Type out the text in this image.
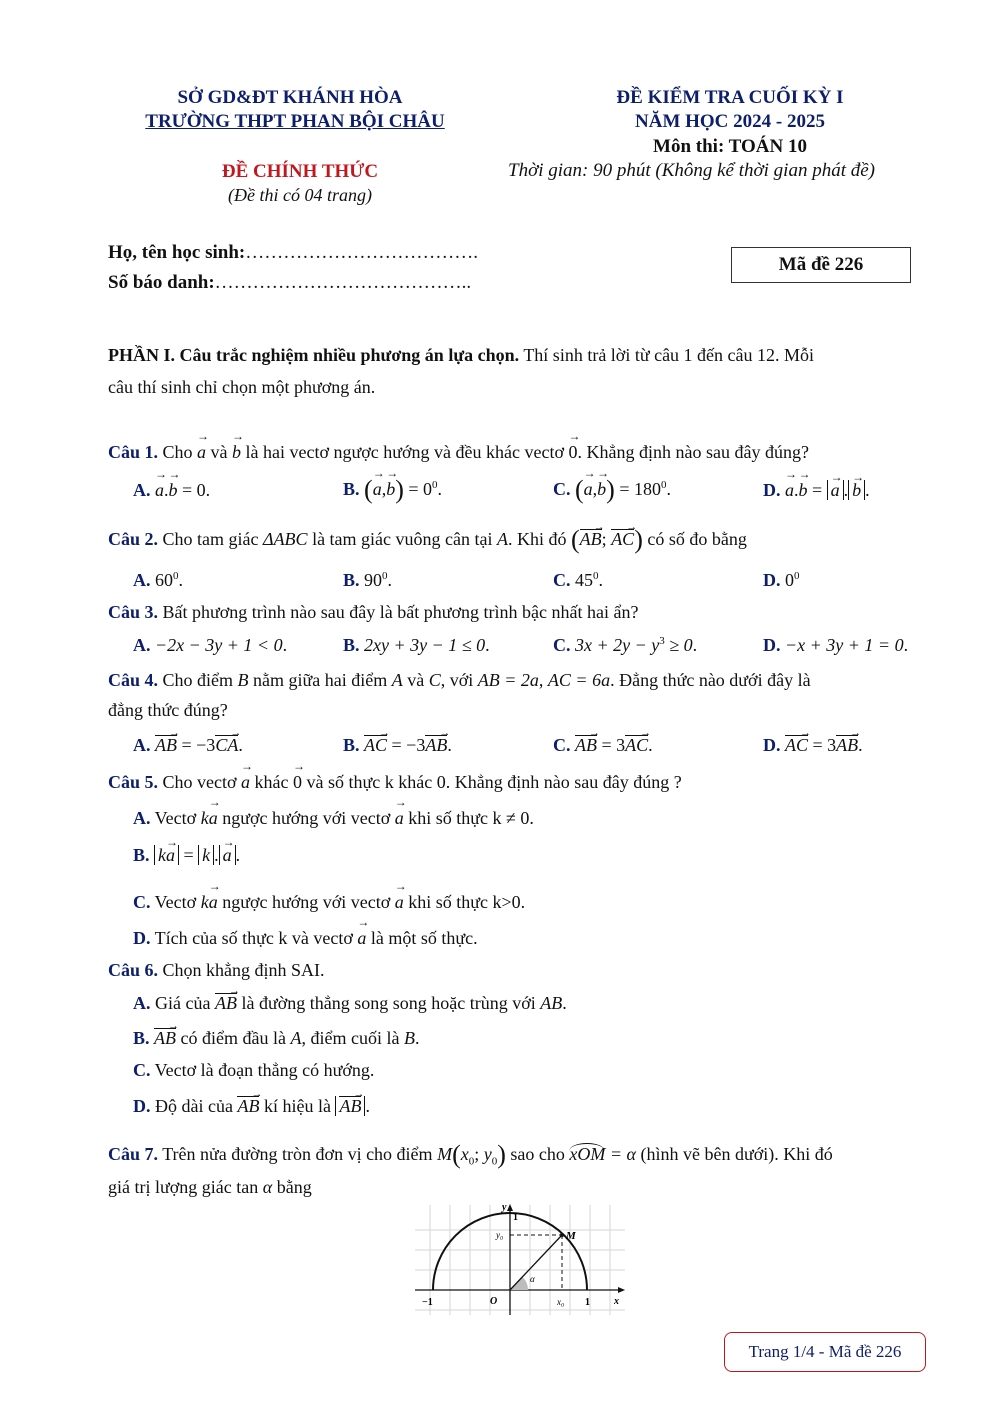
SỞ GD&ĐT KHÁNH HÒA
TRƯỜNG THPT PHAN BỘI CHÂU
ĐỀ CHÍNH THỨC
(Đề thi có 04 trang)
ĐỀ KIỂM TRA CUỐI KỲ I
NĂM HỌC 2024 - 2025
Môn thi: TOÁN 10
Thời gian: 90 phút (Không kể thời gian phát đề)
Họ, tên học sinh:……………………………….
Số báo danh:…………………………………..
Mã đề 226
PHẦN I. Câu trắc nghiệm nhiều phương án lựa chọn. Thí sinh trả lời từ câu 1 đến câu 12. Mỗi
câu thí sinh chỉ chọn một phương án.
Câu 1. Cho → a và → b là hai vectơ ngược hướng và đều khác vectơ → 0. Khẳng định nào sau đây đúng?
A. → a.→ b = 0.	B. (→ $a,\to b) = 0^0$.	C. (→ $a,\to b) = 180^0$.	D. → a.→ b = → a . → b .
Câu 2. Cho tam giác ΔABC là tam giác vuông cân tại A. Khi đó (AB →; AC →) có số đo bằng
A. $60^0$.	B. $90^0$.	C. $45^0$.	D. $0^0$
Câu 3. Bất phương trình nào sau đây là bất phương trình bậc nhất hai ẩn?
A. −2x − 3y + 1 < 0.	B. 2xy + 3y − 1 ≤ 0.	C. $3x + 2y - y^3 \ge 0$.	D. −x + 3y + 1 = 0.
Câu 4. Cho điểm B nằm giữa hai điểm A và C, với AB = 2a, AC = 6a. Đẳng thức nào dưới đây là
đẳng thức đúng?
A. AB → = −3CA →.	B. AC → = −3AB →.	C. AB → = 3AC →.	D. AC → = 3AB →.
Câu 5. Cho vectơ → a khác → 0 và số thực k khác 0. Khẳng định nào sau đây đúng ?
A. Vectơ k→ a ngược hướng với vectơ → a khi số thực k ≠ 0.
B. k→ a = k . → a .
C. Vectơ k→ a ngược hướng với vectơ → a khi số thực k>0.
D. Tích của số thực k và vectơ → a là một số thực.
Câu 6. Chọn khẳng định SAI.
A. Giá của AB → là đường thẳng song song hoặc trùng với AB.
B. AB → có điểm đầu là A, điểm cuối là B.
C. Vectơ là đoạn thẳng có hướng.
D. Độ dài của AB → kí hiệu là AB → .
Câu 7. Trên nửa đường tròn đơn vị cho điểm $M(x_0$; $y_0$) sao cho xOM = α (hình vẽ bên dưới). Khi đó
giá trị lượng giác tan α bằng
y
1
y₀	M
α
−1	O	x₀ 1 x
Trang 1/4 - Mã đề 226
